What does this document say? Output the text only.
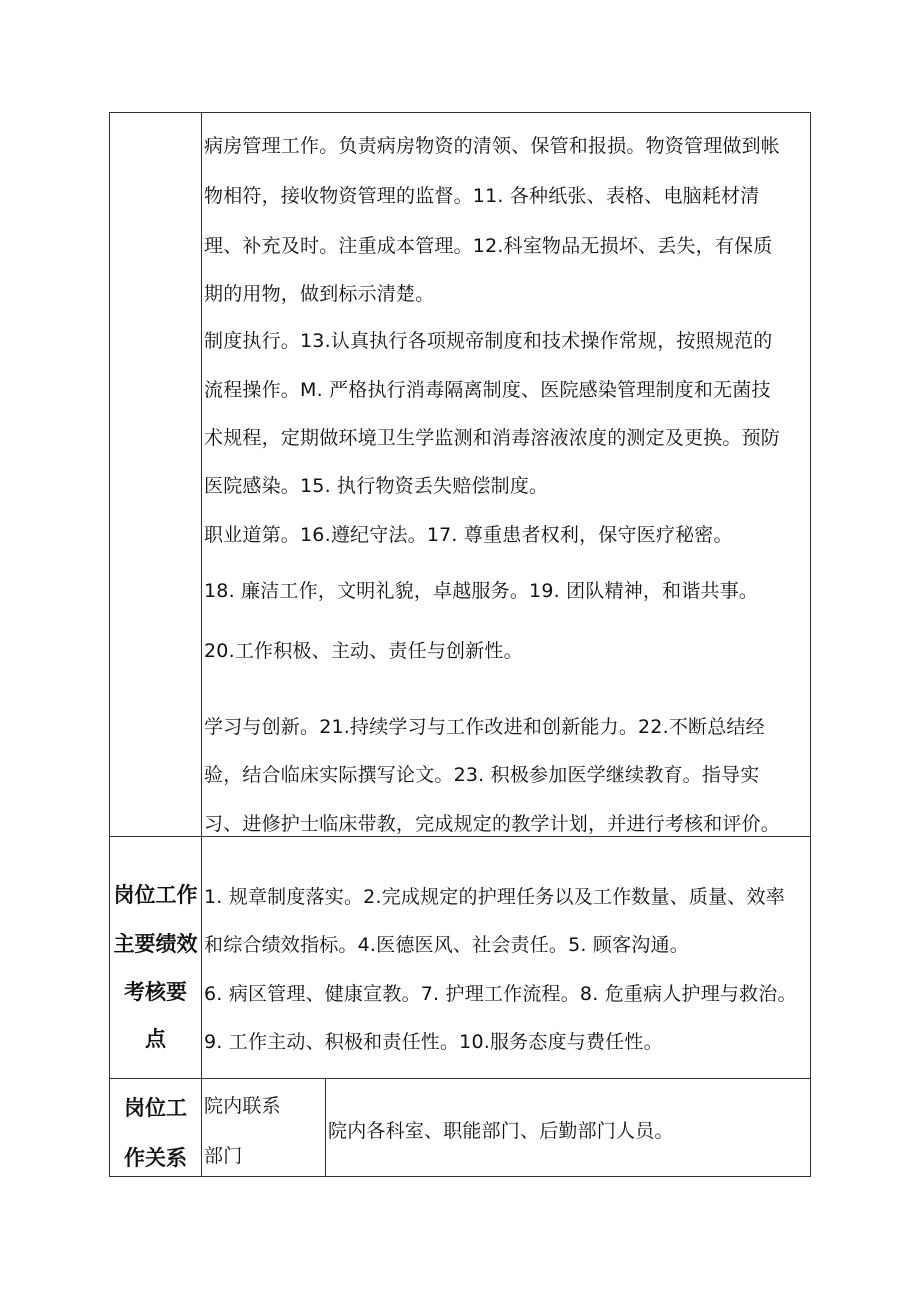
病房管理工作。负责病房物资的清领、保管和报损。物资管理做到帐
物相符，接收物资管理的监督。11. 各种纸张、表格、电脑耗材清
理、补充及时。注重成本管理。12.科室物品无损坏、丢失，有保质
期的用物，做到标示清楚。
制度执行。13.认真执行各项规帝制度和技术操作常规，按照规范的
流程操作。M. 严格执行消毒隔离制度、医院感染管理制度和无菌技
术规程，定期做环境卫生学监测和消毒溶液浓度的测定及更换。预防
医院感染。15. 执行物资丢失赔偿制度。
职业道第。16.遵纪守法。17. 尊重患者权利，保守医疗秘密。
18. 廉洁工作，文明礼貌，卓越服务。19. 团队精神，和谐共事。
20.工作积极、主动、责任与创新性。
学习与创新。21.持续学习与工作改进和创新能力。22.不断总结经
验，结合临床实际撰写论文。23. 积极参加医学继续教育。指导实
习、进修护士临床带教，完成规定的教学计划，并进行考核和评价。
岗位工作
主要绩效
考核要
点
1. 规章制度落实。2.完成规定的护理任务以及工作数量、质量、效率
和综合绩效指标。4.医德医风、社会责任。5. 顾客沟通。
6. 病区管理、健康宣教。7. 护理工作流程。8. 危重病人护理与救治。
9. 工作主动、积极和责任性。10.服务态度与费任性。
岗位工
作关系
院内联系
部门
院内各科室、职能部门、后勤部门人员。
